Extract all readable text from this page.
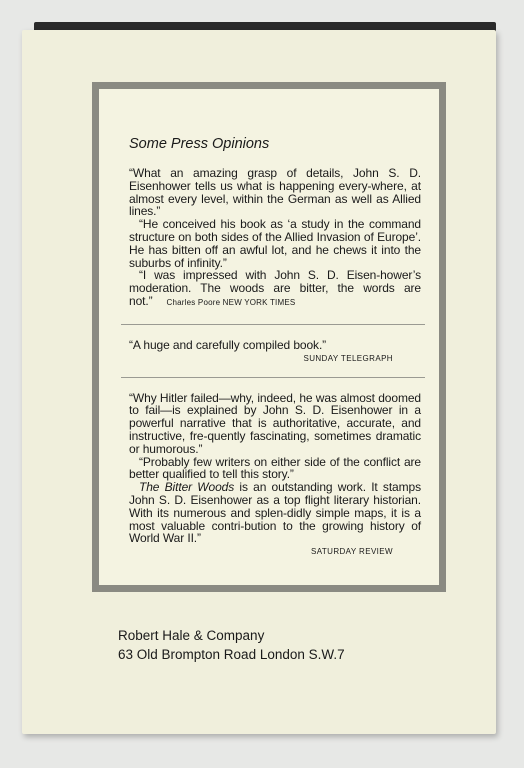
Some Press Opinions

“What an amazing grasp of details, John S. D. Eisenhower tells us what is happening every-where, at almost every level, within the German as well as Allied lines.”

“He conceived his book as ‘a study in the command structure on both sides of the Allied Invasion of Europe’. He has bitten off an awful lot, and he chews it into the suburbs of infinity.”

“I was impressed with John S. D. Eisen-hower’s moderation. The woods are bitter, the words are not.” Charles Poore NEW YORK TIMES

“A huge and carefully compiled book.”

SUNDAY TELEGRAPH

“Why Hitler failed—why, indeed, he was almost doomed to fail—is explained by John S. D. Eisenhower in a powerful narrative that is authoritative, accurate, and instructive, fre-quently fascinating, sometimes dramatic or humorous.”

“Probably few writers on either side of the conflict are better qualified to tell this story.”

The Bitter Woods is an outstanding work. It stamps John S. D. Eisenhower as a top flight literary historian. With its numerous and splen-didly simple maps, it is a most valuable contri-bution to the growing history of World War II.”

SATURDAY REVIEW

Robert Hale & Company
63 Old Brompton Road London S.W.7
